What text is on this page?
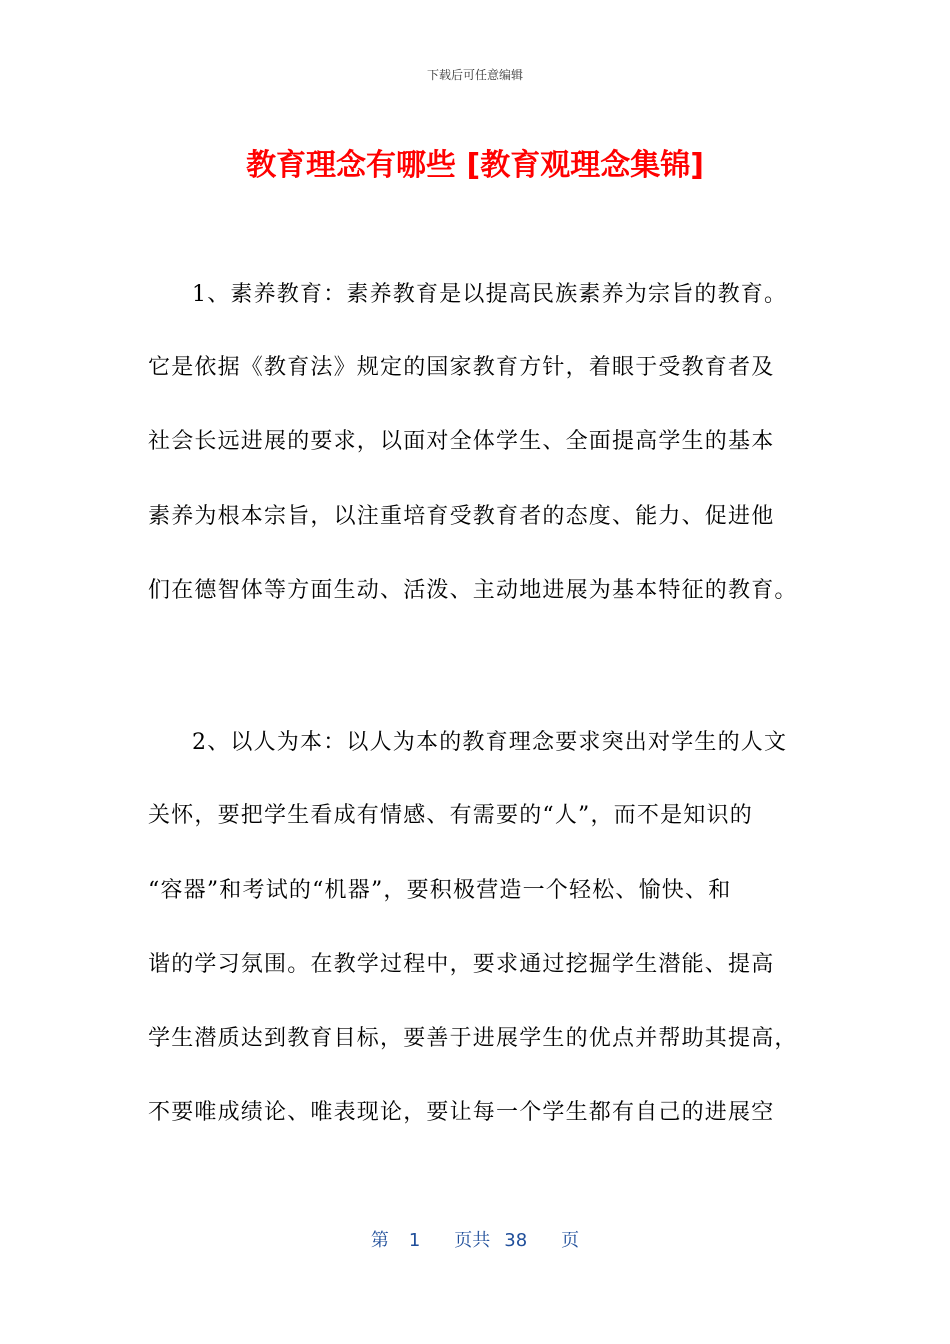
下载后可任意编辑
教育理念有哪些 [教育观理念集锦]
1、素养教育：素养教育是以提高民族素养为宗旨的教育。
它是依据《教育法》规定的国家教育方针，着眼于受教育者及
社会长远进展的要求，以面对全体学生、全面提高学生的基本
素养为根本宗旨，以注重培育受教育者的态度、能力、促进他
们在德智体等方面生动、活泼、主动地进展为基本特征的教育。
2、以人为本：以人为本的教育理念要求突出对学生的人文
关怀，要把学生看成有情感、有需要的“人”，而不是知识的
“容器”和考试的“机器”，要积极营造一个轻松、愉快、和
谐的学习氛围。在教学过程中，要求通过挖掘学生潜能、提高
学生潜质达到教育目标，要善于进展学生的优点并帮助其提高，
不要唯成绩论、唯表现论，要让每一个学生都有自己的进展空
第 1 页共 38 页
